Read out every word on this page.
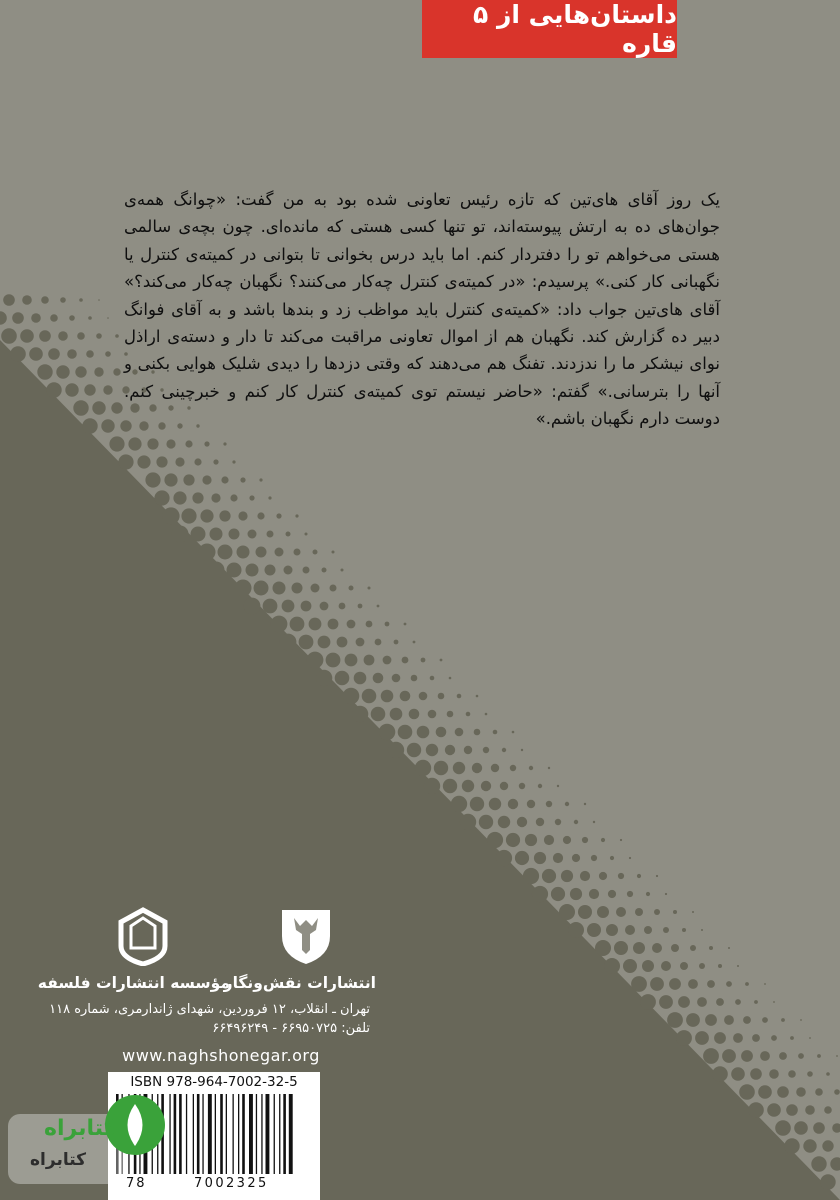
داستان‌هایی از ۵ قاره

یک روز آقای های‌تین که تازه رئیس تعاونی شده بود به من گفت: «چوانگ همه‌ی جوان‌های ده به ارتش پیوسته‌اند، تو تنها کسی هستی که مانده‌ای. چون بچه‌ی سالمی هستی می‌خواهم تو را دفتردار کنم. اما باید درس بخوانی تا بتوانی در کمیته‌ی کنترل یا نگهبانی کار کنی.» پرسیدم: «در کمیته‌ی کنترل چه‌کار می‌کنند؟ نگهبان چه‌کار می‌کند؟» آقای های‌تین جواب داد: «کمیته‌ی کنترل باید مواظب زد و بندها باشد و به آقای فوانگ دبیر ده گزارش کند. نگهبان هم از اموال تعاونی مراقبت می‌کند تا دار و دسته‌ی اراذل نوای نیشکر ما را ندزدند. تفنگ هم می‌دهند که وقتی دزدها را دیدی شلیک هوایی بکنی و آنها را بترسانی.» گفتم: «حاضر نیستم توی کمیته‌ی کنترل کار کنم و خبرچینی کنم. دوست دارم نگهبان باشم.»

انتشارات نقش‌ونگار
مؤسسه انتشارات فلسفه
تهران ـ انقلاب، ۱۲ فروردین، شهدای ژاندارمری، شماره ۱۱۸
تلفن: ۶۶۹۵۰۷۲۵ - ۶۶۴۹۶۲۴۹
www.naghshonegar.org
ISBN 978-964-7002-32-5
78	7002325
کتابراه
کتابراه
